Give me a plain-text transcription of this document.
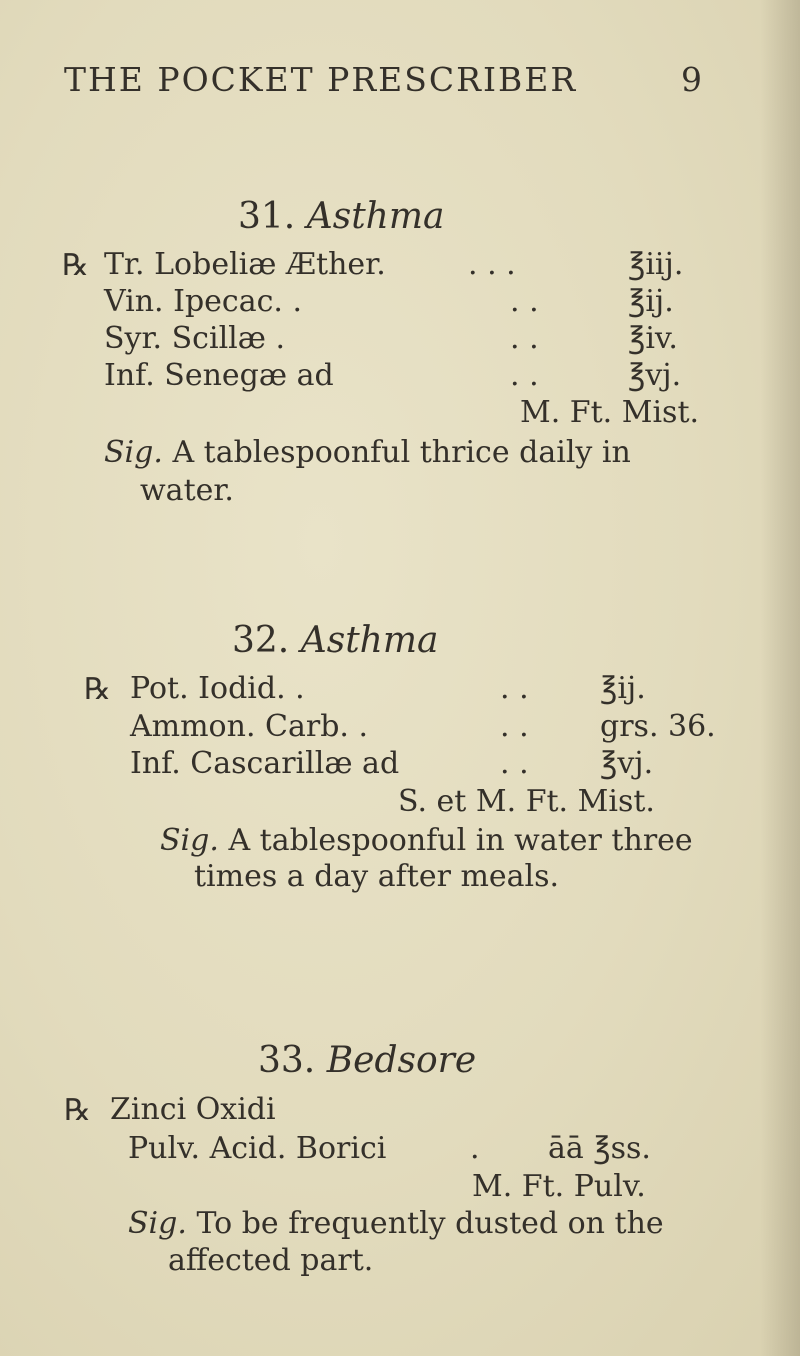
THE POCKET PRESCRIBER	9
31. Asthma
℞ Tr. Lobeliæ Æther.	. . .	℥iij.
Vin. Ipecac. .	. .	℥ij.
Syr. Scillæ .	. .	℥iv.
Inf. Senegæ ad	. .	℥vj.
M. Ft. Mist.
Sig. A tablespoonful thrice daily in
water.
32. Asthma
℞ Pot. Iodid. .	. . ℥ij.
Ammon. Carb. .	. . grs. 36.
Inf. Cascarillæ ad	. . ℥vj.
S. et M. Ft. Mist.
Sig. A tablespoonful in water three
times a day after meals.
33. Bedsore
℞ Zinci Oxidi
Pulv. Acid. Borici	. āā ℥ss.
M. Ft. Pulv.
Sig. To be frequently dusted on the
affected part.
